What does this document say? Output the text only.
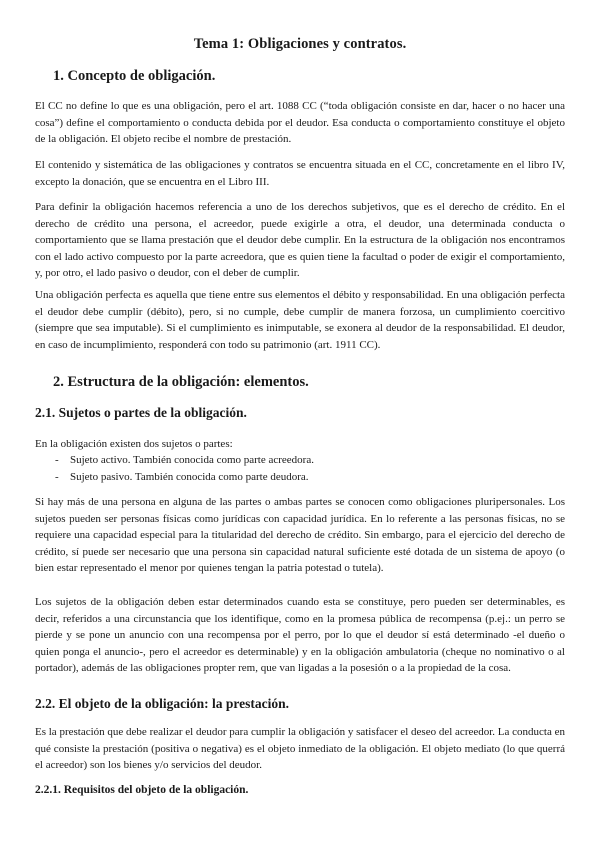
Tema 1: Obligaciones y contratos.
1. Concepto de obligación.

El CC no define lo que es una obligación, pero el art. 1088 CC (“toda obligación consiste en dar, hacer o no hacer una cosa”) define el comportamiento o conducta debida por el deudor. Esa conducta o comportamiento constituye el objeto de la obligación. El objeto recibe el nombre de prestación.

El contenido y sistemática de las obligaciones y contratos se encuentra situada en el CC, concretamente en el libro IV, excepto la donación, que se encuentra en el Libro III.

Para definir la obligación hacemos referencia a uno de los derechos subjetivos, que es el derecho de crédito. En el derecho de crédito una persona, el acreedor, puede exigirle a otra, el deudor, una determinada conducta o comportamiento que se llama prestación que el deudor debe cumplir. En la estructura de la obligación nos encontramos con el lado activo compuesto por la parte acreedora, que es quien tiene la facultad o poder de exigir el comportamiento, y, por otro, el lado pasivo o deudor, con el deber de cumplir.

Una obligación perfecta es aquella que tiene entre sus elementos el débito y responsabilidad. En una obligación perfecta el deudor debe cumplir (débito), pero, si no cumple, debe cumplir de manera forzosa, un cumplimiento coercitivo (siempre que sea imputable). Si el cumplimiento es inimputable, se exonera al deudor de la responsabilidad. El deudor, en caso de incumplimiento, responderá con todo su patrimonio (art. 1911 CC).

2. Estructura de la obligación: elementos.
2.1. Sujetos o partes de la obligación.

En la obligación existen dos sujetos o partes:

- Sujeto activo. También conocida como parte acreedora.
- Sujeto pasivo. También conocida como parte deudora.

Si hay más de una persona en alguna de las partes o ambas partes se conocen como obligaciones pluripersonales. Los sujetos pueden ser personas físicas como jurídicas con capacidad jurídica. En lo referente a las personas físicas, no se requiere una capacidad especial para la titularidad del derecho de crédito. Sin embargo, para el ejercicio del derecho de crédito, sí puede ser necesario que una persona sin capacidad natural suficiente esté dotada de un sistema de apoyo (o bien estar representado el menor por quienes tengan la patria potestad o tutela).

Los sujetos de la obligación deben estar determinados cuando esta se constituye, pero pueden ser determinables, es decir, referidos a una circunstancia que los identifique, como en la promesa pública de recompensa (p.ej.: un perro se pierde y se pone un anuncio con una recompensa por el perro, por lo que el deudor sí está determinado -el dueño o quien ponga el anuncio-, pero el acreedor es determinable) y en la obligación ambulatoria (cheque no nominativo o al portador), además de las obligaciones propter rem, que van ligadas a la posesión o a la propiedad de la cosa.

2.2. El objeto de la obligación: la prestación.

Es la prestación que debe realizar el deudor para cumplir la obligación y satisfacer el deseo del acreedor. La conducta en qué consiste la prestación (positiva o negativa) es el objeto inmediato de la obligación. El objeto mediato (lo que querrá el acreedor) son los bienes y/o servicios del deudor.

2.2.1. Requisitos del objeto de la obligación.
